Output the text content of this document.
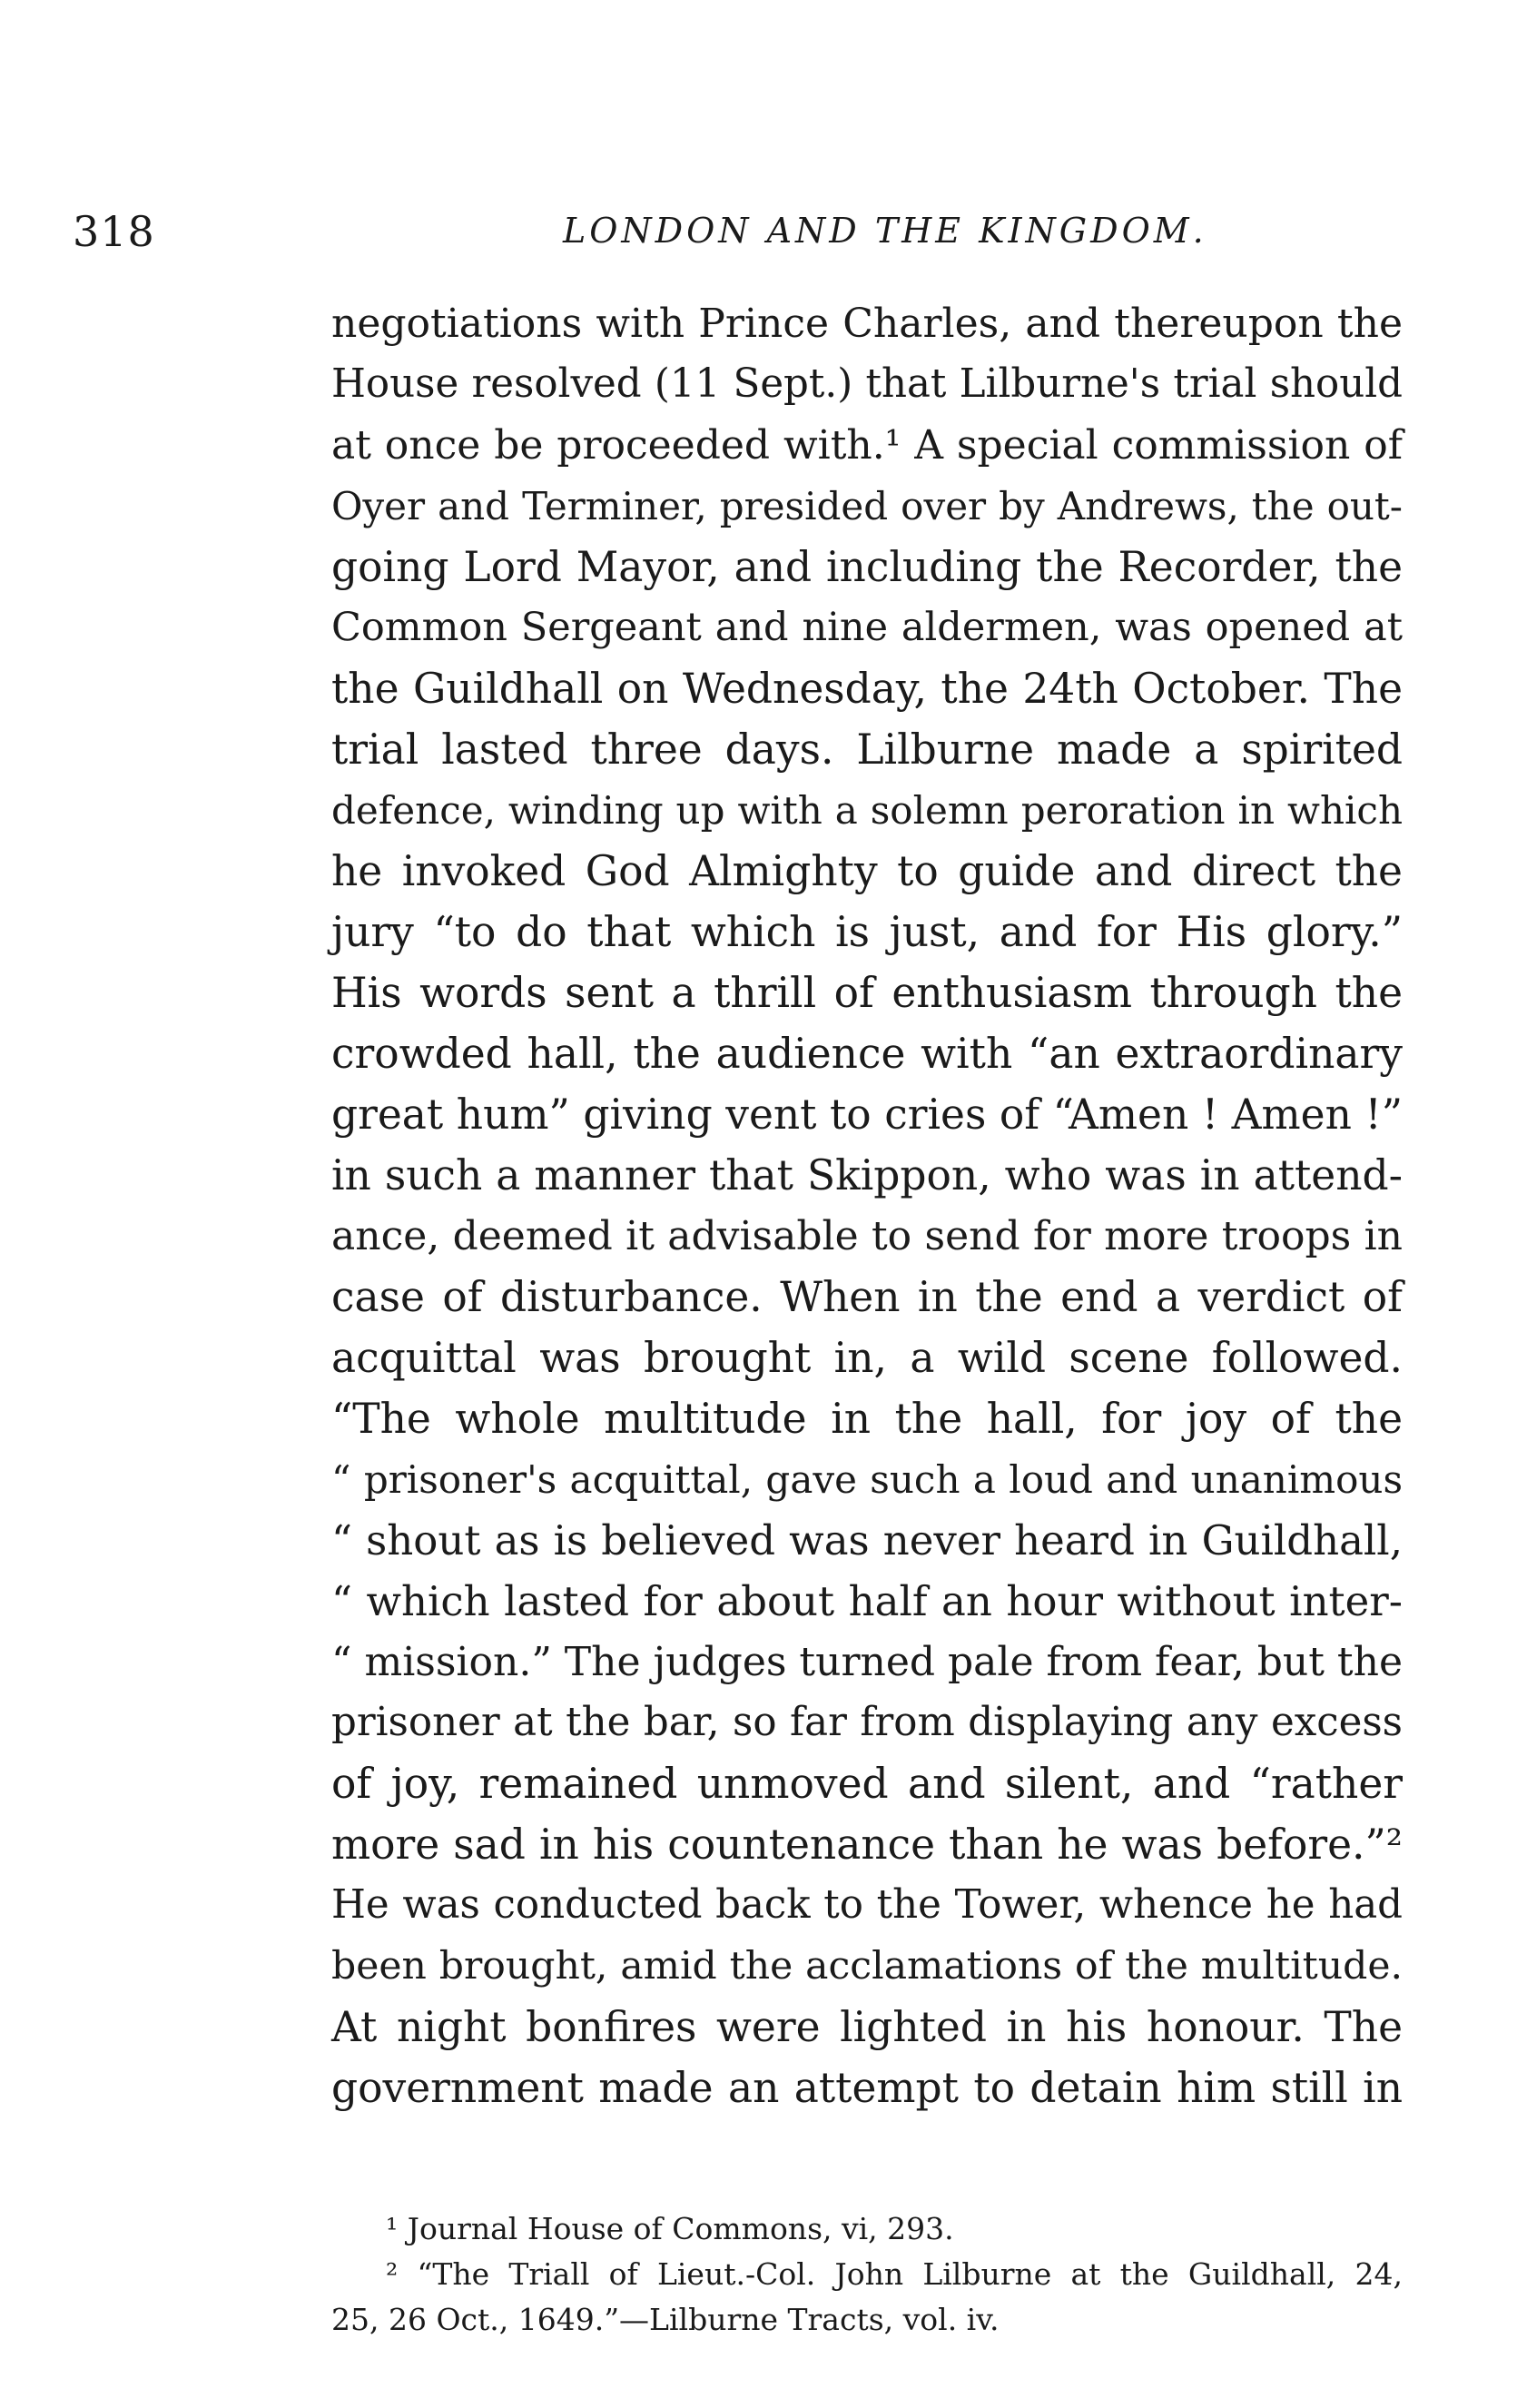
318	LONDON AND THE KINGDOM.
negotiations with Prince Charles, and thereupon the
House resolved (11 Sept.) that Lilburne's trial should
at once be proceeded with.¹ A special commission of
Oyer and Terminer, presided over by Andrews, the out-
going Lord Mayor, and including the Recorder, the
Common Sergeant and nine aldermen, was opened at
the Guildhall on Wednesday, the 24th October. The
trial lasted three days. Lilburne made a spirited
defence, winding up with a solemn peroration in which
he invoked God Almighty to guide and direct the
jury “to do that which is just, and for His glory.”
His words sent a thrill of enthusiasm through the
crowded hall, the audience with “an extraordinary
great hum” giving vent to cries of “Amen ! Amen !”
in such a manner that Skippon, who was in attend-
ance, deemed it advisable to send for more troops in
case of disturbance. When in the end a verdict of
acquittal was brought in, a wild scene followed.
“The whole multitude in the hall, for joy of the
“ prisoner's acquittal, gave such a loud and unanimous
“ shout as is believed was never heard in Guildhall,
“ which lasted for about half an hour without inter-
“ mission.” The judges turned pale from fear, but the
prisoner at the bar, so far from displaying any excess
of joy, remained unmoved and silent, and “rather
more sad in his countenance than he was before.”²
He was conducted back to the Tower, whence he had
been brought, amid the acclamations of the multitude.
At night bonfires were lighted in his honour. The
government made an attempt to detain him still in
¹ Journal House of Commons, vi, 293.
² “The Triall of Lieut.-Col. John Lilburne at the Guildhall, 24,
25, 26 Oct., 1649.”—Lilburne Tracts, vol. iv.
